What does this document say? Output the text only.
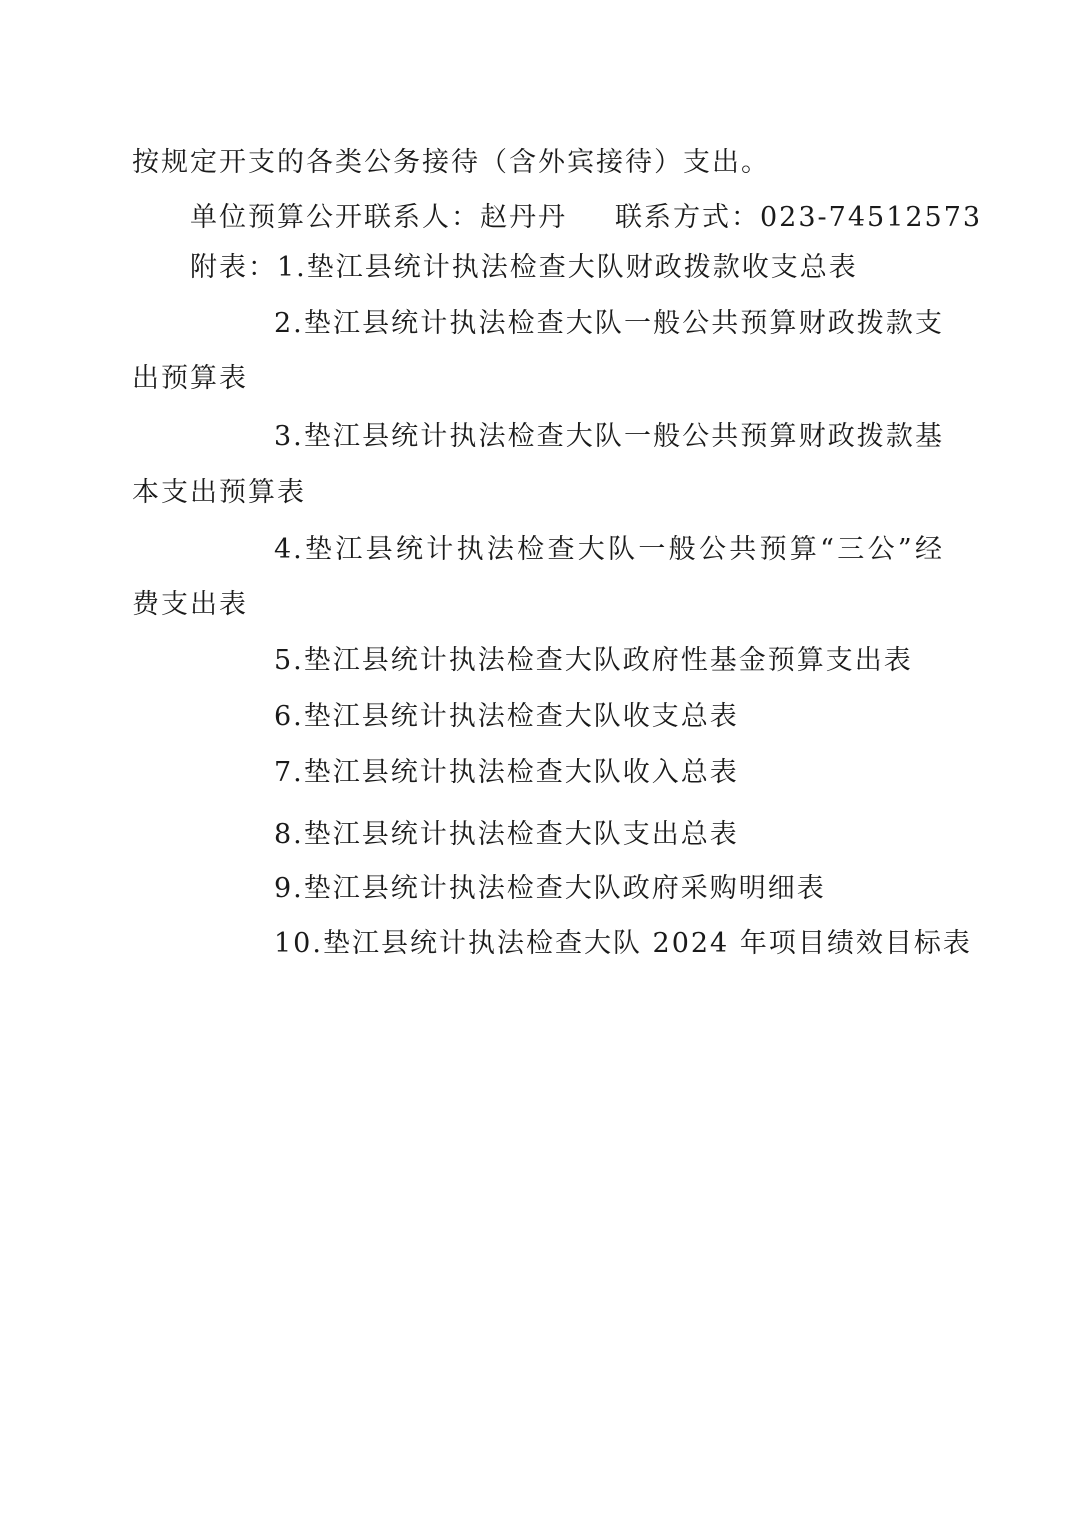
按规定开支的各类公务接待（含外宾接待）支出。
单位预算公开联系人：赵丹丹 联系方式：023-74512573
附表：1.垫江县统计执法检查大队财政拨款收支总表
2.垫江县统计执法检查大队一般公共预算财政拨款支
出预算表
3.垫江县统计执法检查大队一般公共预算财政拨款基
本支出预算表
4.垫江县统计执法检查大队一般公共预算“三公”经
费支出表
5.垫江县统计执法检查大队政府性基金预算支出表
6.垫江县统计执法检查大队收支总表
7.垫江县统计执法检查大队收入总表
8.垫江县统计执法检查大队支出总表
9.垫江县统计执法检查大队政府采购明细表
10.垫江县统计执法检查大队 2024 年项目绩效目标表
